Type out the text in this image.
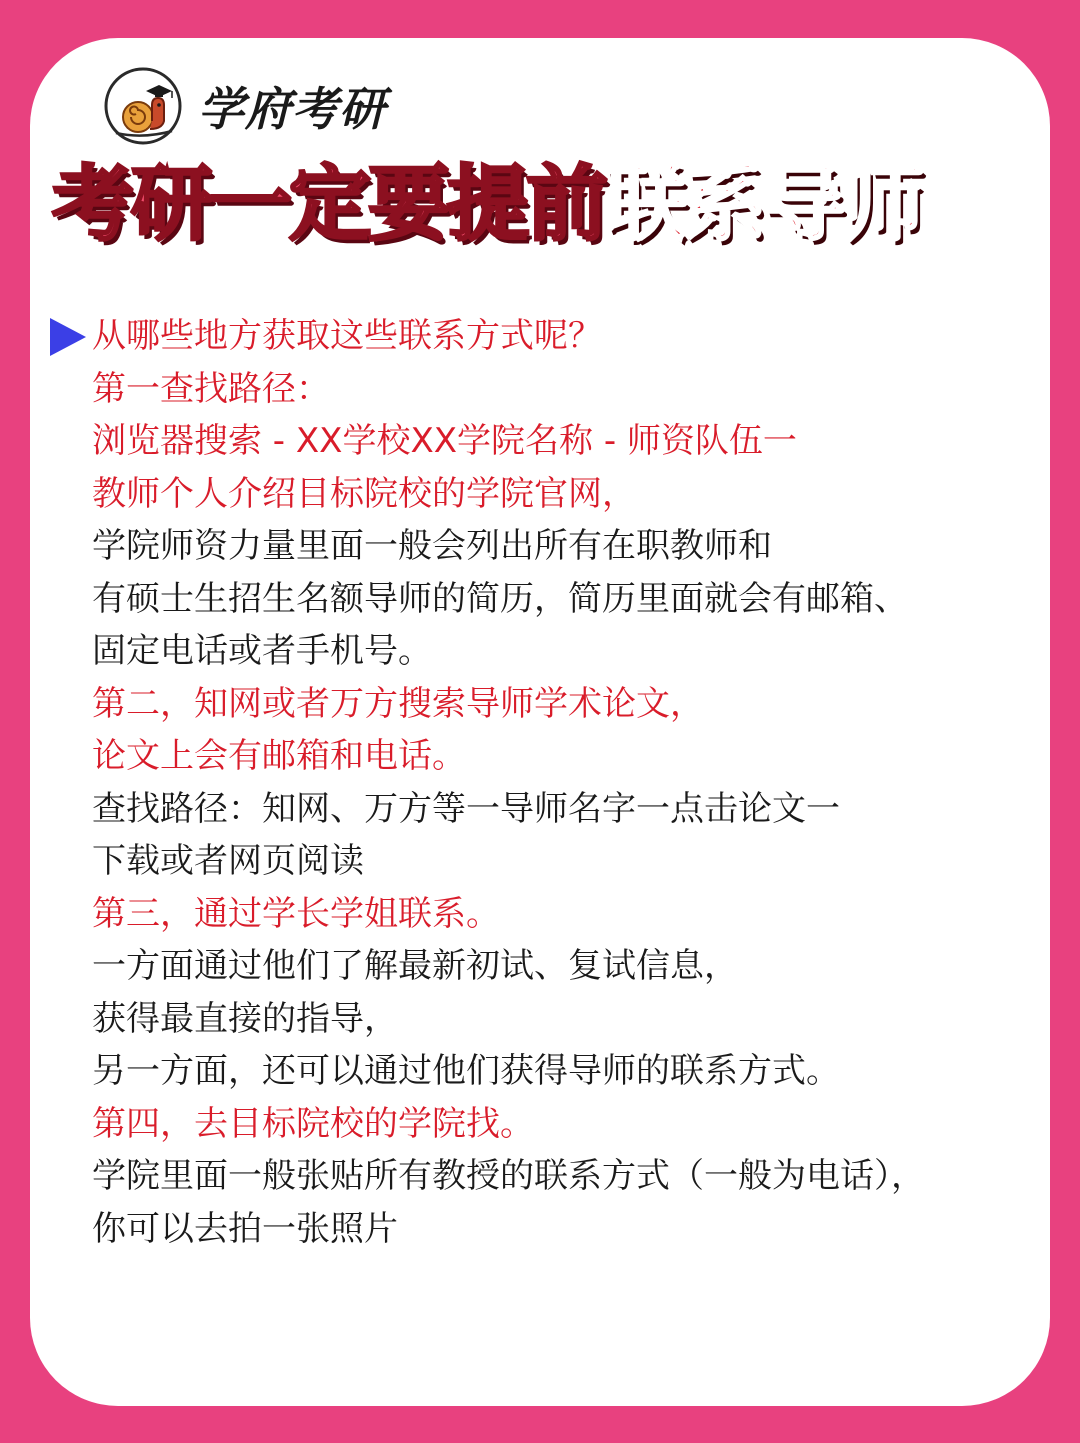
学府考研
考研一定要提前联系导师
从哪些地方获取这些联系方式呢？
第一查找路径：
浏览器搜索 - XX学校XX学院名称 - 师资队伍一
教师个人介绍目标院校的学院官网，
学院师资力量里面一般会列出所有在职教师和
有硕士生招生名额导师的简历，简历里面就会有邮箱、
固定电话或者手机号。
第二，知网或者万方搜索导师学术论文，
论文上会有邮箱和电话。
查找路径：知网、万方等一导师名字一点击论文一
下载或者网页阅读
第三，通过学长学姐联系。
一方面通过他们了解最新初试、复试信息，
获得最直接的指导，
另一方面，还可以通过他们获得导师的联系方式。
第四，去目标院校的学院找。
学院里面一般张贴所有教授的联系方式（一般为电话），
你可以去拍一张照片
